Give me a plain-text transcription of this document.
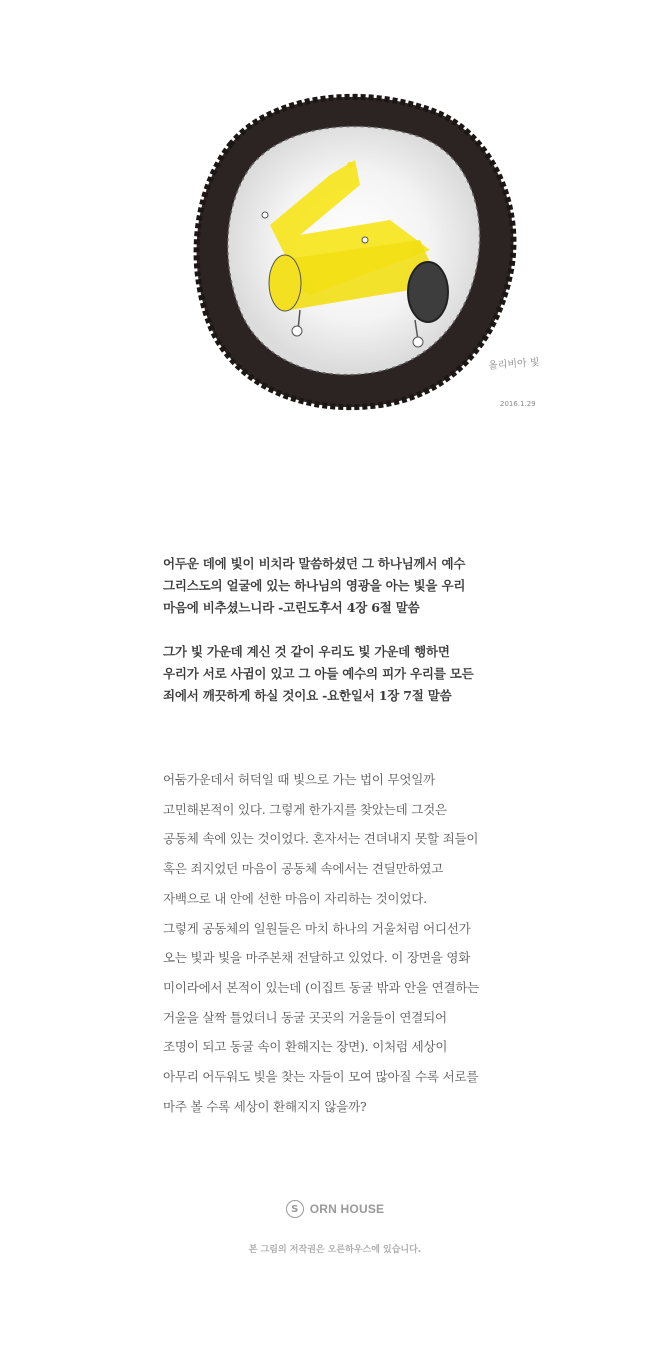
올리비아 빛
2016.1.29
어두운 데에 빛이 비치라 말씀하셨던 그 하나님께서 예수
그리스도의 얼굴에 있는 하나님의 영광을 아는 빛을 우리
마음에 비추셨느니라 -고린도후서 4장 6절 말씀
그가 빛 가운데 계신 것 같이 우리도 빛 가운데 행하면
우리가 서로 사귐이 있고 그 아들 예수의 피가 우리를 모든
죄에서 깨끗하게 하실 것이요 -요한일서 1장 7절 말씀
어둠가운데서 허덕일 때 빛으로 가는 법이 무엇일까
고민해본적이 있다. 그렇게 한가지를 찾았는데 그것은
공동체 속에 있는 것이었다. 혼자서는 견뎌내지 못할 죄들이
혹은 죄지었던 마음이 공동체 속에서는 견딜만하였고
자백으로 내 안에 선한 마음이 자리하는 것이었다.
그렇게 공동체의 일원들은 마치 하나의 거울처럼 어디선가
오는 빛과 빛을 마주본채 전달하고 있었다. 이 장면을 영화
미이라에서 본적이 있는데 (이집트 동굴 밖과 안을 연결하는
거울을 살짝 틀었더니 동굴 곳곳의 거울들이 연결되어
조명이 되고 동굴 속이 환해지는 장면). 이처럼 세상이
아무리 어두워도 빛을 찾는 자들이 모여 많아질 수록 서로를
마주 볼 수록 세상이 환해지지 않을까?
S ORN HOUSE
본 그림의 저작권은 오른하우스에 있습니다.
